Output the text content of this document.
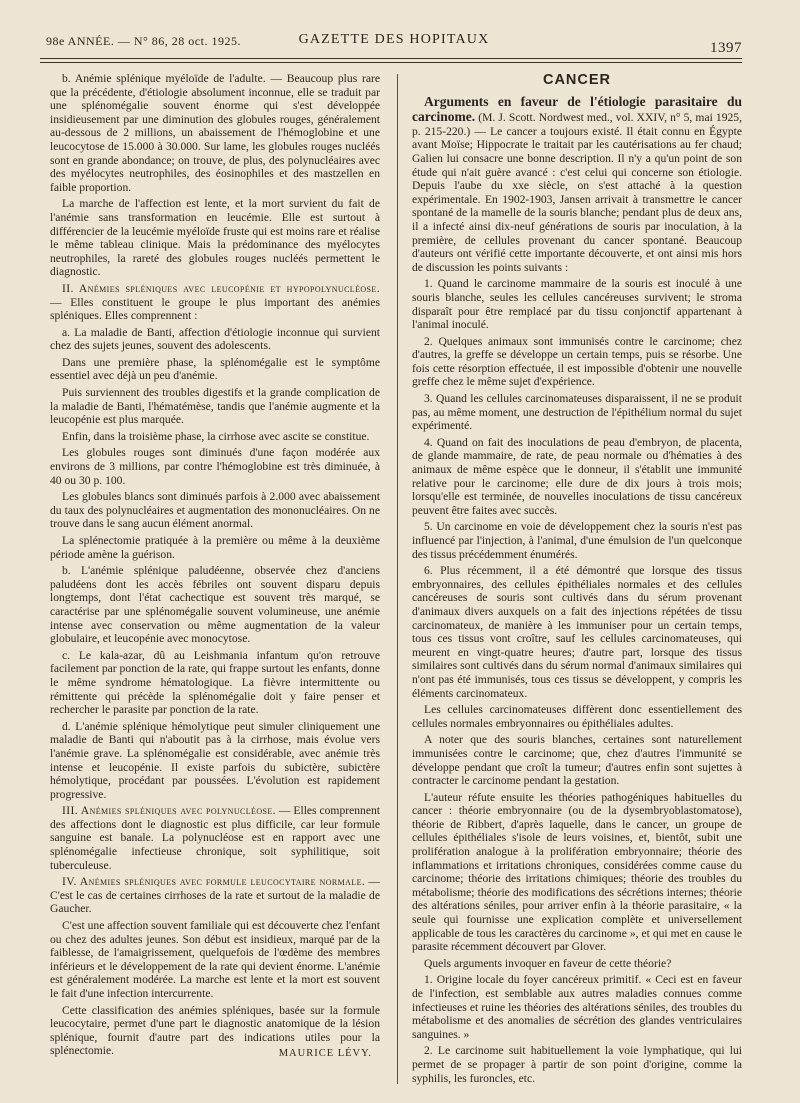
98e ANNÉE. — N° 86, 28 oct. 1925.	GAZETTE DES HOPITAUX
1397

b. Anémie splénique myéloïde de l'adulte. — Beaucoup plus rare que la précédente, d'étiologie absolument inconnue, elle se traduit par une splénomégalie souvent énorme qui s'est développée insidieusement par une diminution des globules rouges, généralement au-dessous de 2 millions, un abaissement de l'hémoglobine et une leucocytose de 15.000 à 30.000. Sur lame, les globules rouges nucléés sont en grande abondance; on trouve, de plus, des polynucléaires avec des myélocytes neutrophiles, des éosinophiles et des mastzellen en faible proportion.

La marche de l'affection est lente, et la mort survient du fait de l'anémie sans transformation en leucémie. Elle est surtout à différencier de la leucémie myéloïde fruste qui est moins rare et réalise le même tableau clinique. Mais la prédominance des myélocytes neutrophiles, la rareté des globules rouges nucléés permettent le diagnostic.

II. Anémies spléniques avec leucopénie et hypopolynucléose. — Elles constituent le groupe le plus important des anémies spléniques. Elles comprennent :

a. La maladie de Banti, affection d'étiologie inconnue qui survient chez des sujets jeunes, souvent des adolescents.

Dans une première phase, la splénomégalie est le symptôme essentiel avec déjà un peu d'anémie.

Puis surviennent des troubles digestifs et la grande complication de la maladie de Banti, l'hématémèse, tandis que l'anémie augmente et la leucopénie est plus marquée.

Enfin, dans la troisième phase, la cirrhose avec ascite se constitue.

Les globules rouges sont diminués d'une façon modérée aux environs de 3 millions, par contre l'hémoglobine est très diminuée, à 40 ou 30 p. 100.

Les globules blancs sont diminués parfois à 2.000 avec abaissement du taux des polynucléaires et augmentation des mononucléaires. On ne trouve dans le sang aucun élément anormal.

La splénectomie pratiquée à la première ou même à la deuxième période amène la guérison.

b. L'anémie splénique paludéenne, observée chez d'anciens paludéens dont les accès fébriles ont souvent disparu depuis longtemps, dont l'état cachectique est souvent très marqué, se caractérise par une splénomégalie souvent volumineuse, une anémie intense avec conservation ou même augmentation de la valeur globulaire, et leucopénie avec monocytose.

c. Le kala-azar, dû au Leishmania infantum qu'on retrouve facilement par ponction de la rate, qui frappe surtout les enfants, donne le même syndrome hématologique. La fièvre intermittente ou rémittente qui précède la splénomégalie doit y faire penser et rechercher le parasite par ponction de la rate.

d. L'anémie splénique hémolytique peut simuler cliniquement une maladie de Banti qui n'aboutit pas à la cirrhose, mais évolue vers l'anémie grave. La splénomégalie est considérable, avec anémie très intense et leucopénie. Il existe parfois du subictère, subictère hémolytique, procédant par poussées. L'évolution est rapidement progressive.

III. Anémies spléniques avec polynucléose. — Elles comprennent des affections dont le diagnostic est plus difficile, car leur formule sanguine est banale. La polynucléose est en rapport avec une splénomégalie infectieuse chronique, soit syphilitique, soit tuberculeuse.

IV. Anémies spléniques avec formule leucocytaire normale. — C'est le cas de certaines cirrhoses de la rate et surtout de la maladie de Gaucher.

C'est une affection souvent familiale qui est découverte chez l'enfant ou chez des adultes jeunes. Son début est insidieux, marqué par de la faiblesse, de l'amaigrissement, quelquefois de l'œdème des membres inférieurs et le développement de la rate qui devient énorme. L'anémie est généralement modérée. La marche est lente et la mort est souvent le fait d'une infection intercurrente.

Cette classification des anémies spléniques, basée sur la formule leucocytaire, permet d'une part le diagnostic anatomique de la lésion splénique, fournit d'autre part des indications utiles pour la splénectomie.	MAURICE LÉVY.
CANCER

Arguments en faveur de l'étiologie parasitaire du carcinome. (M. J. Scott. Nordwest med., vol. XXIV, n° 5, mai 1925, p. 215-220.) — Le cancer a toujours existé. Il était connu en Égypte avant Moïse; Hippocrate le traitait par les cautérisations au fer chaud; Galien lui consacre une bonne description. Il n'y a qu'un point de son étude qui n'ait guère avancé : c'est celui qui concerne son étiologie. Depuis l'aube du xxe siècle, on s'est attaché à la question expérimentale. En 1902-1903, Jansen arrivait à transmettre le cancer spontané de la mamelle de la souris blanche; pendant plus de deux ans, il a infecté ainsi dix-neuf générations de souris par inoculation, à la première, de cellules provenant du cancer spontané. Beaucoup d'auteurs ont vérifié cette importante découverte, et ont ainsi mis hors de discussion les points suivants :

1. Quand le carcinome mammaire de la souris est inoculé à une souris blanche, seules les cellules cancéreuses survivent; le stroma disparaît pour être remplacé par du tissu conjonctif appartenant à l'animal inoculé.

2. Quelques animaux sont immunisés contre le carcinome; chez d'autres, la greffe se développe un certain temps, puis se résorbe. Une fois cette résorption effectuée, il est impossible d'obtenir une nouvelle greffe chez le même sujet d'expérience.

3. Quand les cellules carcinomateuses disparaissent, il ne se produit pas, au même moment, une destruction de l'épithélium normal du sujet expérimenté.

4. Quand on fait des inoculations de peau d'embryon, de placenta, de glande mammaire, de rate, de peau normale ou d'hématies à des animaux de même espèce que le donneur, il s'établit une immunité relative pour le carcinome; elle dure de dix jours à trois mois; lorsqu'elle est terminée, de nouvelles inoculations de tissu cancéreux peuvent être faites avec succès.

5. Un carcinome en voie de développement chez la souris n'est pas influencé par l'injection, à l'animal, d'une émulsion de l'un quelconque des tissus précédemment énumérés.

6. Plus récemment, il a été démontré que lorsque des tissus embryonnaires, des cellules épithéliales normales et des cellules cancéreuses de souris sont cultivés dans du sérum provenant d'animaux divers auxquels on a fait des injections répétées de tissu carcinomateux, de manière à les immuniser pour un certain temps, tous ces tissus vont croître, sauf les cellules carcinomateuses, qui meurent en vingt-quatre heures; d'autre part, lorsque des tissus similaires sont cultivés dans du sérum normal d'animaux similaires qui n'ont pas été immunisés, tous ces tissus se développent, y compris les éléments carcinomateux.

Les cellules carcinomateuses diffèrent donc essentiellement des cellules normales embryonnaires ou épithéliales adultes.

A noter que des souris blanches, certaines sont naturellement immunisées contre le carcinome; que, chez d'autres l'immunité se développe pendant que croît la tumeur; d'autres enfin sont sujettes à contracter le carcinome pendant la gestation.

L'auteur réfute ensuite les théories pathogéniques habituelles du cancer : théorie embryonnaire (ou de la dysembryoblastomatose), théorie de Ribbert, d'après laquelle, dans le cancer, un groupe de cellules épithéliales s'isole de leurs voisines, et, bientôt, subit une prolifération analogue à la prolifération embryonnaire; théorie des inflammations et irritations chroniques, considérées comme cause du carcinome; théorie des irritations chimiques; théorie des troubles du métabolisme; théorie des modifications des sécrétions internes; théorie des altérations séniles, pour arriver enfin à la théorie parasitaire, « la seule qui fournisse une explication complète et universellement applicable de tous les caractères du carcinome », et qui met en cause le parasite récemment découvert par Glover.

Quels arguments invoquer en faveur de cette théorie?

1. Origine locale du foyer cancéreux primitif. « Ceci est en faveur de l'infection, est semblable aux autres maladies connues comme infectieuses et ruine les théories des altérations séniles, des troubles du métabolisme et des anomalies de sécrétion des glandes ventriculaires sanguines. »

2. Le carcinome suit habituellement la voie lymphatique, qui lui permet de se propager à partir de son point d'origine, comme la syphilis, les furoncles, etc.
